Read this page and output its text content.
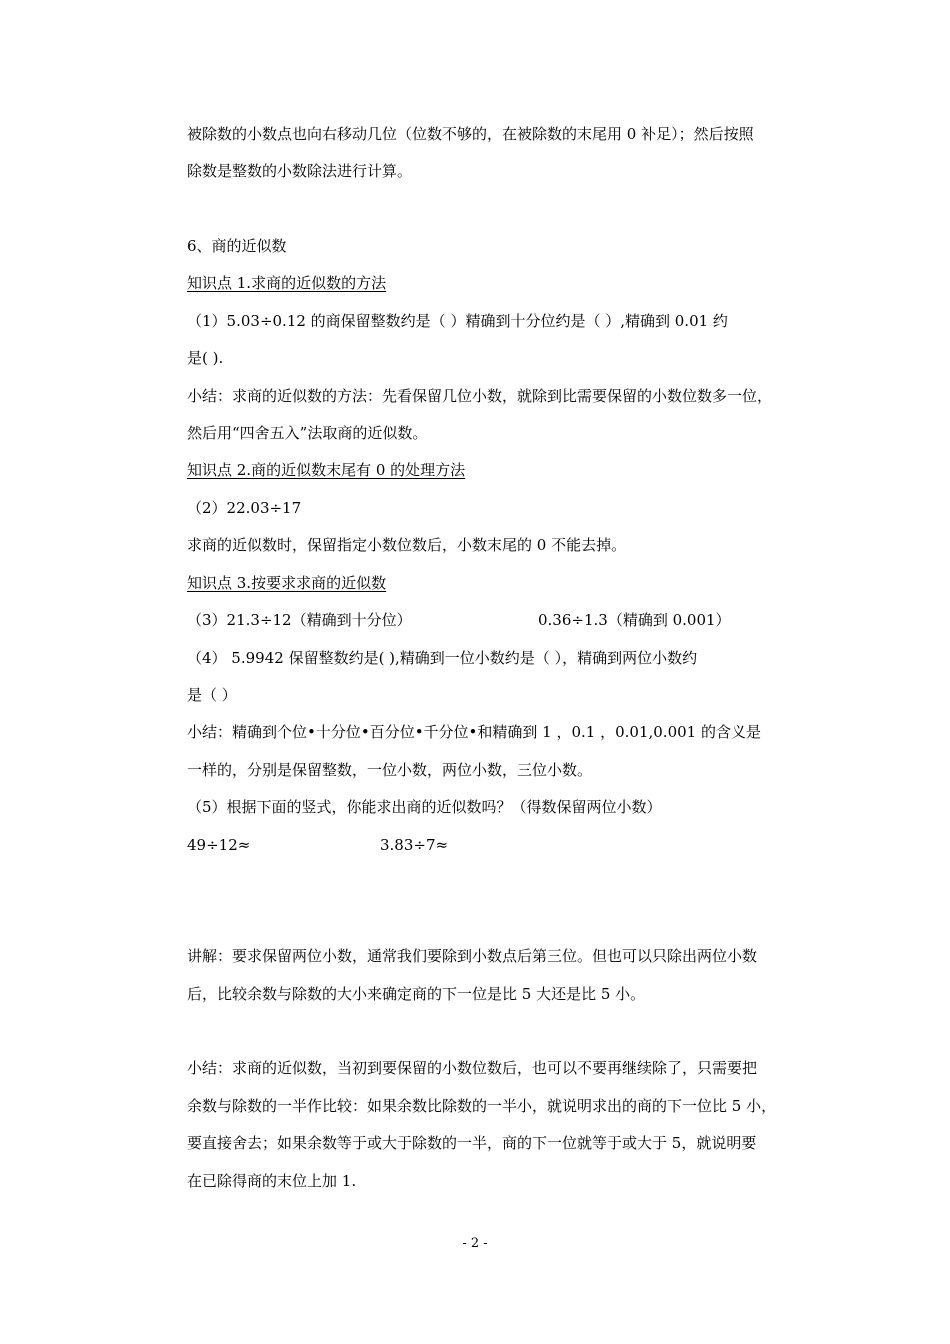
被除数的小数点也向右移动几位（位数不够的，在被除数的末尾用 0 补足）；然后按照
除数是整数的小数除法进行计算。
6、商的近似数
知识点 1.求商的近似数的方法
（1）5.03÷0.12 的商保留整数约是（ ）精确到十分位约是（ ）,精确到 0.01 约
是( ).
小结：求商的近似数的方法：先看保留几位小数，就除到比需要保留的小数位数多一位，
然后用“四舍五入”法取商的近似数。
知识点 2.商的近似数末尾有 0 的处理方法
（2）22.03÷17
求商的近似数时，保留指定小数位数后，小数末尾的 0 不能去掉。
知识点 3.按要求求商的近似数
（3）21.3÷12（精确到十分位）	0.36÷1.3（精确到 0.001）
（4） 5.9942 保留整数约是( ),精确到一位小数约是（ ），精确到两位小数约
是（ ）
小结：精确到个位•十分位•百分位•千分位•和精确到 1 ，0.1 ，0.01,0.001 的含义是
一样的，分别是保留整数，一位小数，两位小数，三位小数。
（5）根据下面的竖式，你能求出商的近似数吗？（得数保留两位小数）
49÷12≈	3.83÷7≈
讲解：要求保留两位小数，通常我们要除到小数点后第三位。但也可以只除出两位小数
后，比较余数与除数的大小来确定商的下一位是比 5 大还是比 5 小。
小结：求商的近似数，当初到要保留的小数位数后，也可以不要再继续除了，只需要把
余数与除数的一半作比较：如果余数比除数的一半小，就说明求出的商的下一位比 5 小，
要直接舍去；如果余数等于或大于除数的一半，商的下一位就等于或大于 5，就说明要
在已除得商的末位上加 1.
- 2 -
